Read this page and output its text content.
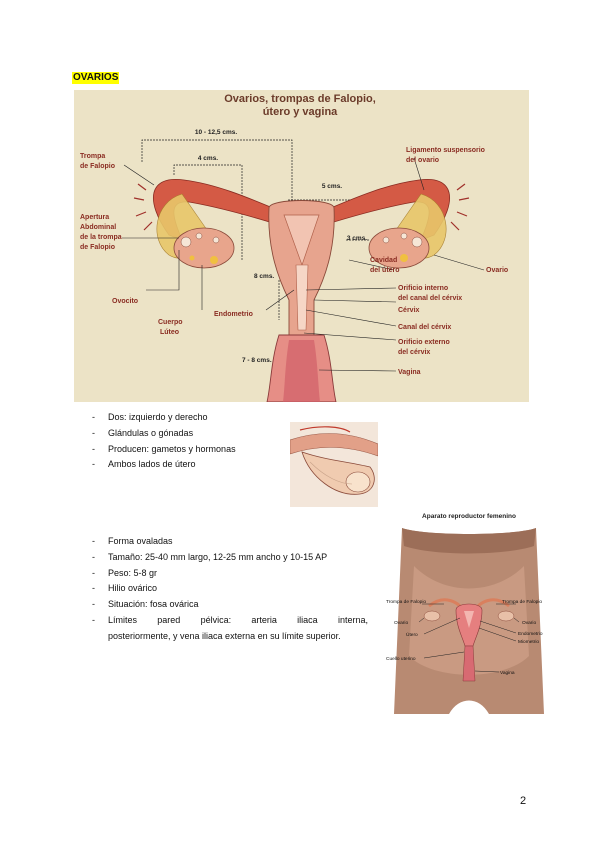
OVARIOS
Ovarios, trompas de Falopio,
útero y vagina
10 - 12,5 cms.
4 cms.
5 cms.
3 cms.
8 cms.
7 - 8 cms.
Trompa
de Falopio
Apertura
Abdominal
de la trompa
de Falopio
Ovocito
Cuerpo
Lúteo
Endometrio
Ligamento suspensorio
del ovario
Cavidad
del útero	Ovario
Orificio interno
del canal del cérvix
Cérvix
Canal del cérvix
Orificio externo
del cérvix
Vagina
- Dos: izquierdo y derecho
- Glándulas o gónadas
- Producen: gametos y hormonas
- Ambos lados de útero
- Forma ovaladas
- Tamaño: 25-40 mm largo, 12-25 mm ancho y 10-15 AP
- Peso: 5-8 gr
- Hilio ovárico
- Situación: fosa ovárica
- Límites pared pélvica: arteria iliaca interna,
posteriormente, y vena iliaca externa en su límite superior.
Aparato reproductor femenino
Trompa de Falopio	Trompa de Falopio
Ovario	Ovario
Útero	Endometrio
Miometrio
Cuello uterino
Vagina
2
